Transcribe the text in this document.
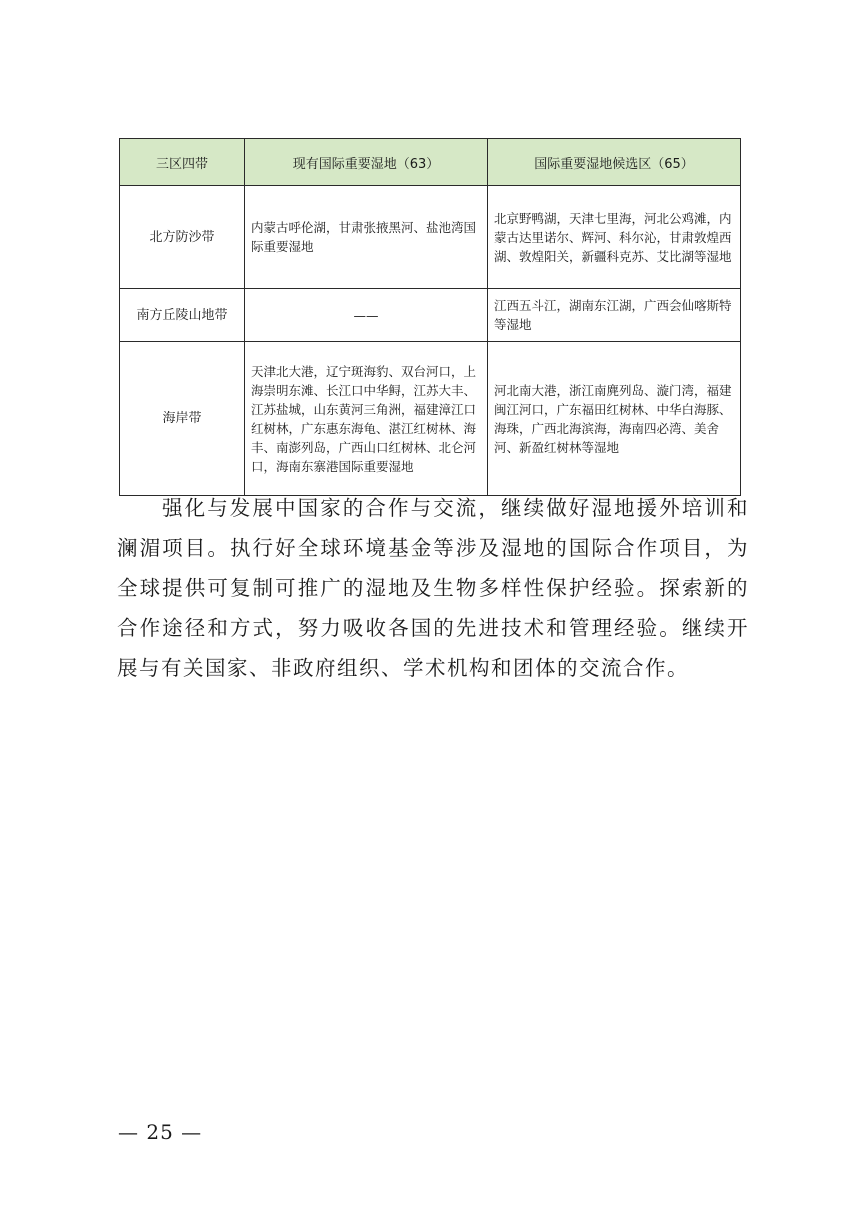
三区四带	现有国际重要湿地（63）	国际重要湿地候选区（65）
北方防沙带	内蒙古呼伦湖，甘肃张掖黑河、盐池湾国际重要湿地	北京野鸭湖，天津七里海，河北公鸡滩，内蒙古达里诺尔、辉河、科尔沁，甘肃敦煌西湖、敦煌阳关，新疆科克苏、艾比湖等湿地
南方丘陵山地带	——	江西五斗江，湖南东江湖，广西会仙喀斯特等湿地
海岸带	天津北大港，辽宁斑海豹、双台河口，上海崇明东滩、长江口中华鲟，江苏大丰、江苏盐城，山东黄河三角洲，福建漳江口红树林，广东惠东海龟、湛江红树林、海丰、南澎列岛，广西山口红树林、北仑河口，海南东寨港国际重要湿地	河北南大港，浙江南麂列岛、漩门湾，福建闽江河口，广东福田红树林、中华白海豚、海珠，广西北海滨海，海南四必湾、美舍河、新盈红树林等湿地

强化与发展中国家的合作与交流，继续做好湿地援外培训和澜湄项目。执行好全球环境基金等涉及湿地的国际合作项目，为全球提供可复制可推广的湿地及生物多样性保护经验。探索新的合作途径和方式，努力吸收各国的先进技术和管理经验。继续开展与有关国家、非政府组织、学术机构和团体的交流合作。

— 25 —
